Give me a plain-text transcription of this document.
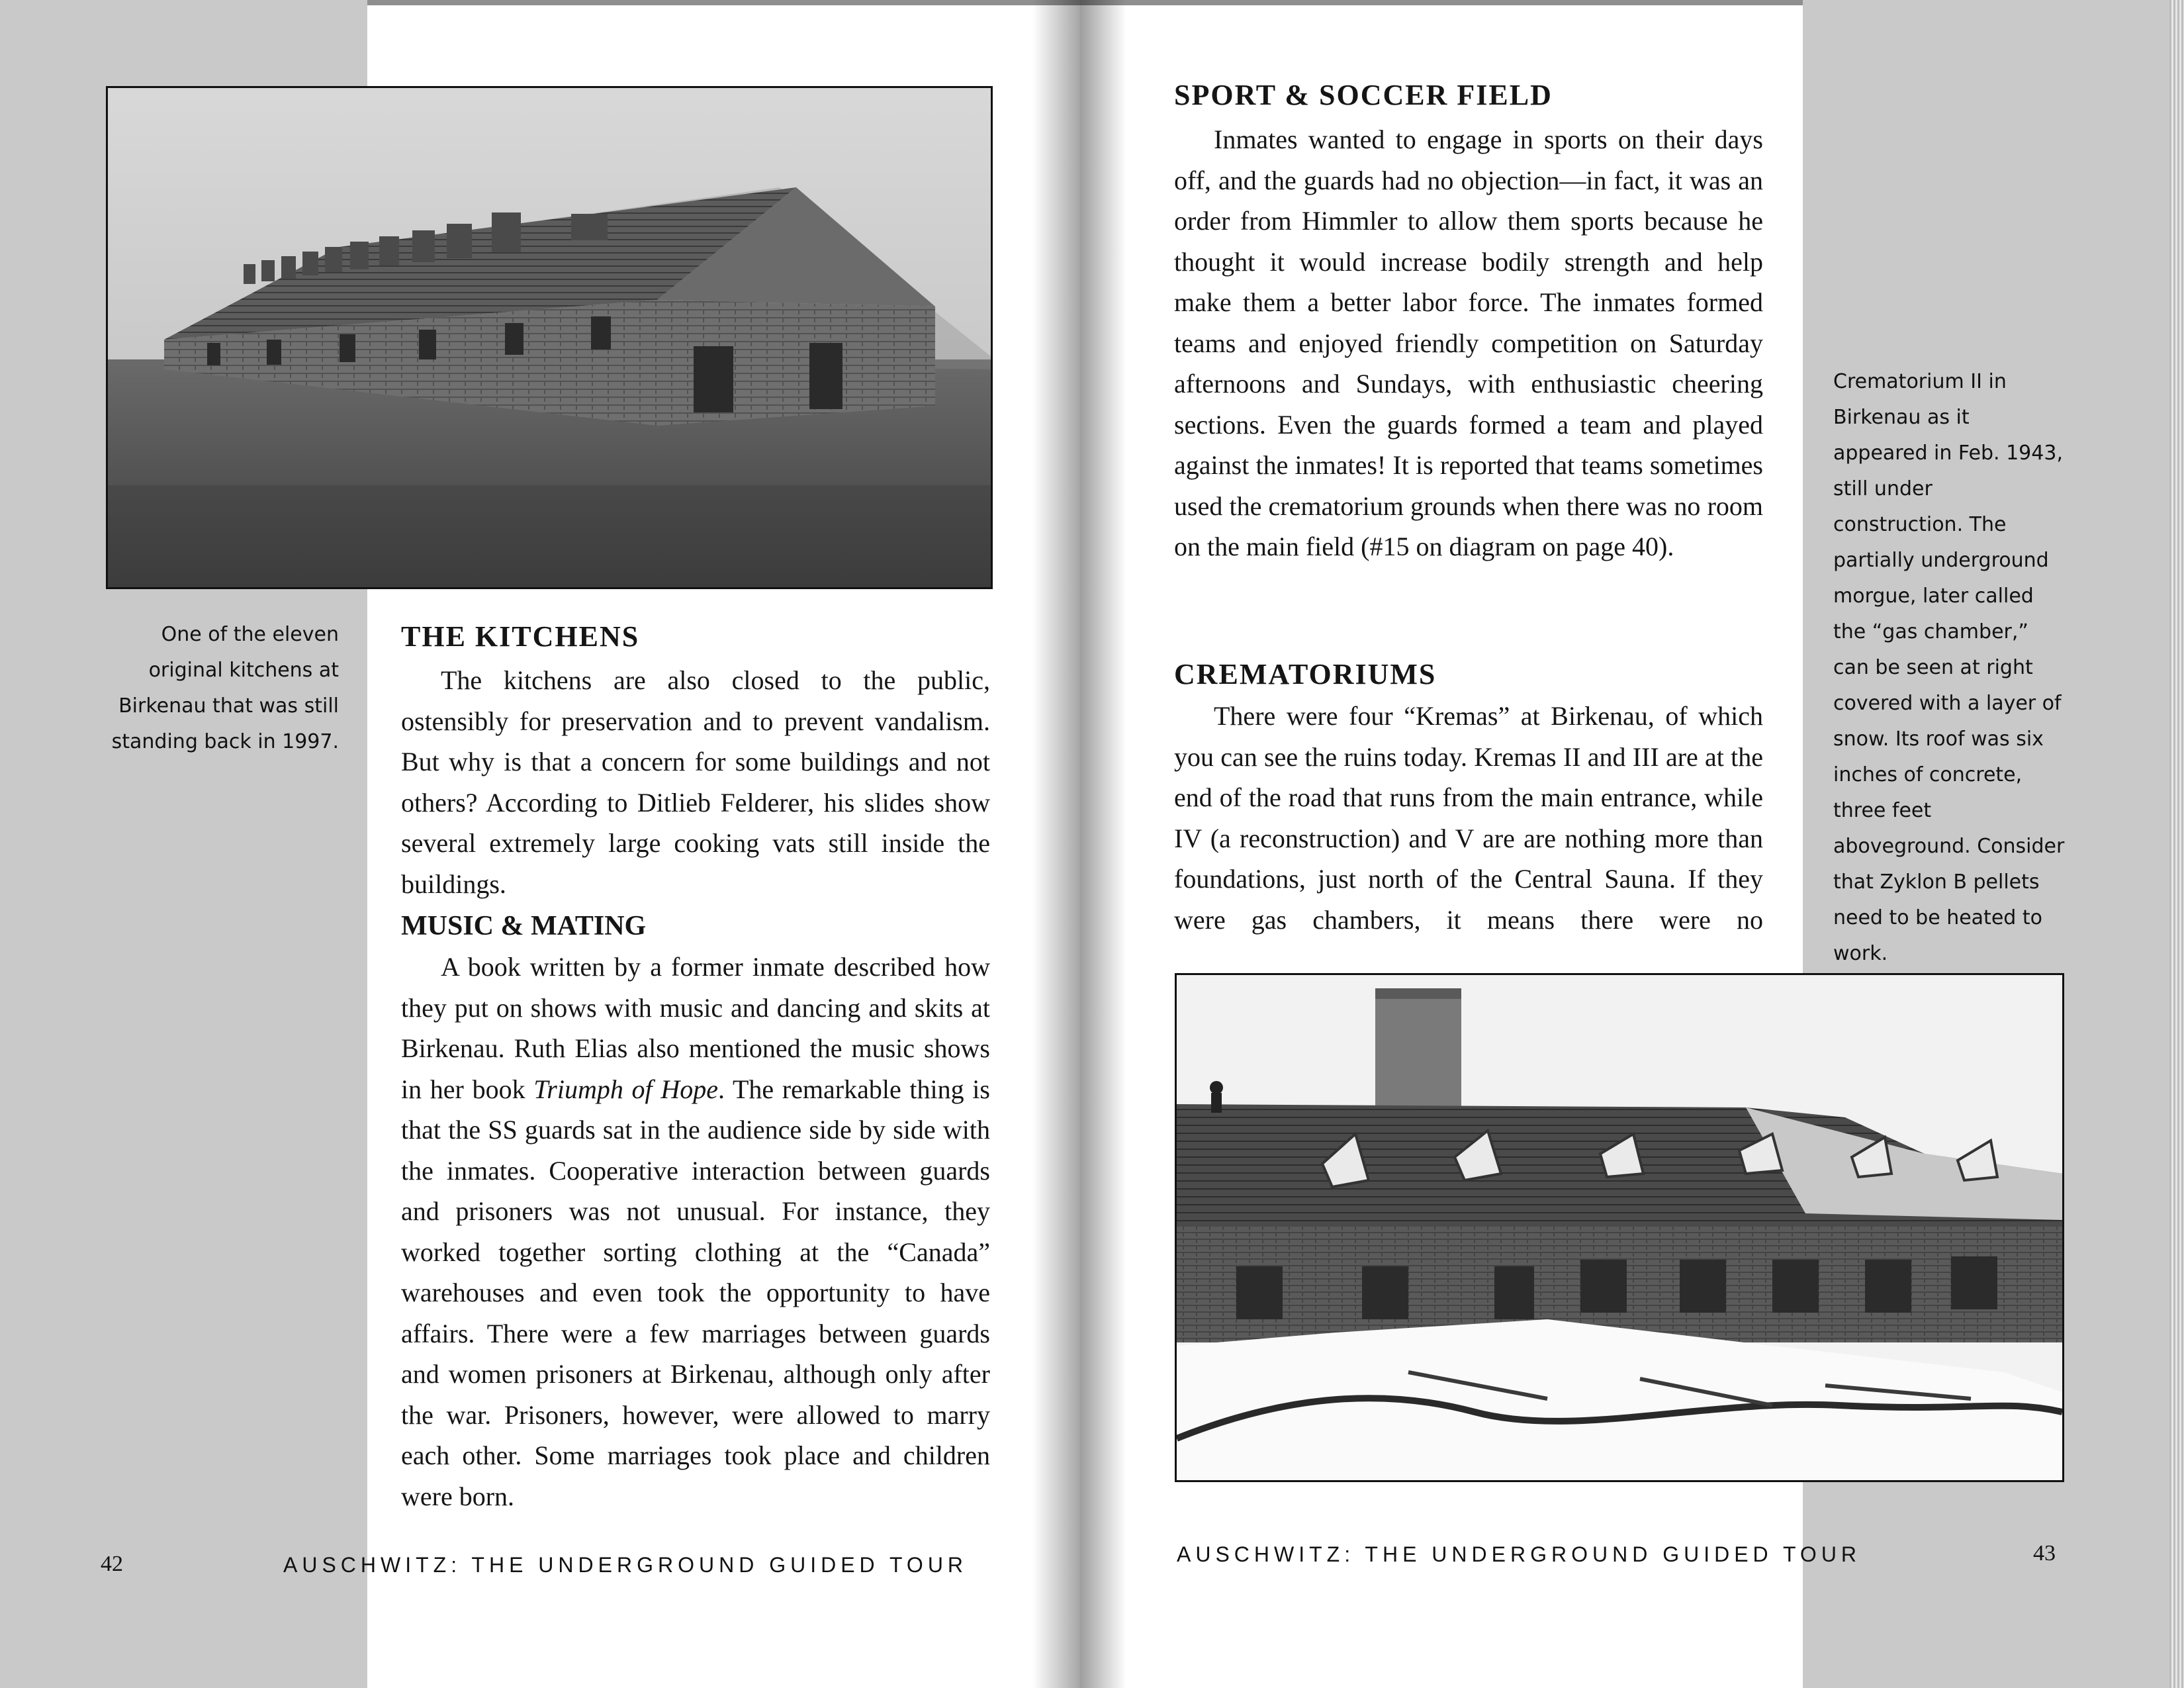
One of the eleven original kitchens at Birkenau that was still standing back in 1997.

THE KITCHENS

The kitchens are also closed to the public, ostensibly for preservation and to prevent vandalism. But why is that a concern for some buildings and not others? According to Ditlieb Felderer, his slides show several extremely large cooking vats still inside the buildings.

MUSIC & MATING

A book written by a former inmate described how they put on shows with music and dancing and skits at Birkenau. Ruth Elias also mentioned the music shows in her book Triumph of Hope. The remarkable thing is that the SS guards sat in the audience side by side with the inmates. Cooperative interaction between guards and prisoners was not unusual. For instance, they worked together sorting clothing at the “Canada” warehouses and even took the opportunity to have affairs. There were a few marriages between guards and women prisoners at Birkenau, although only after the war. Prisoners, however, were allowed to marry each other. Some marriages took place and children were born.

42	AUSCHWITZ: THE UNDERGROUND GUIDED TOUR
SPORT & SOCCER FIELD

Inmates wanted to engage in sports on their days off, and the guards had no objection—in fact, it was an order from Himmler to allow them sports because he thought it would increase bodily strength and help make them a better labor force. The inmates formed teams and enjoyed friendly competition on Saturday afternoons and Sundays, with enthusiastic cheering sections. Even the guards formed a team and played against the inmates! It is reported that teams sometimes used the crematorium grounds when there was no room on the main field (#15 on diagram on page 40).

CREMATORIUMS

There were four “Kremas” at Birkenau, of which you can see the ruins today. Kremas II and III are at the end of the road that runs from the main entrance, while IV (a reconstruction) and V are are nothing more than foundations, just north of the Central Sauna. If they were gas chambers, it means there were no

Crematorium II in Birkenau as it appeared in Feb. 1943, still under construction. The partially underground morgue, later called the “gas chamber,” can be seen at right covered with a layer of snow. Its roof was six inches of concrete, three feet aboveground. Consider that Zyklon B pellets need to be heated to work.

AUSCHWITZ: THE UNDERGROUND GUIDED TOUR	43
